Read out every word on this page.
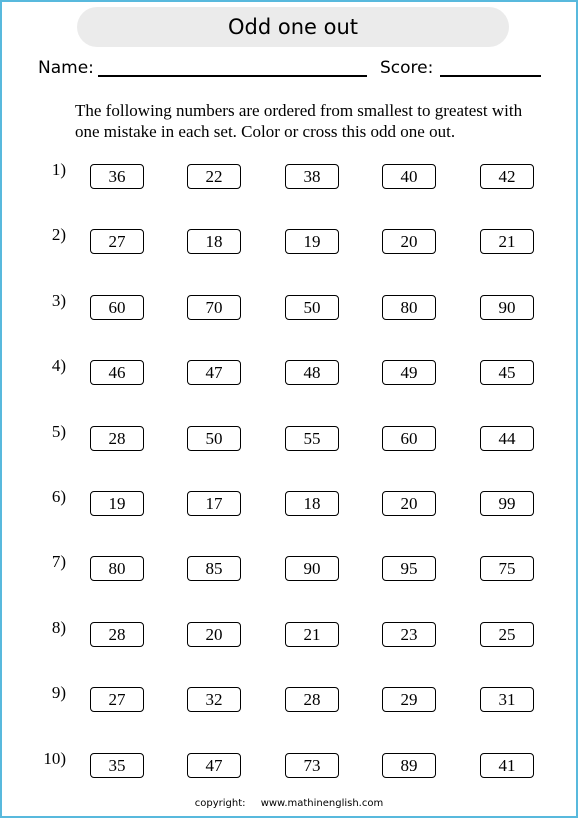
Odd one out
Name:	Score:
The following numbers are ordered from smallest to greatest with one mistake in each set. Color or cross this odd one out.
1)	36	22	38	40	42
2)	27	18	19	20	21
3)	60	70	50	80	90
4)	46	47	48	49	45
5)	28	50	55	60	44
6)	19	17	18	20	99
7)	80	85	90	95	75
8)	28	20	21	23	25
9)	27	32	28	29	31
10)	35	47	73	89	41
copyright: www.mathinenglish.com
